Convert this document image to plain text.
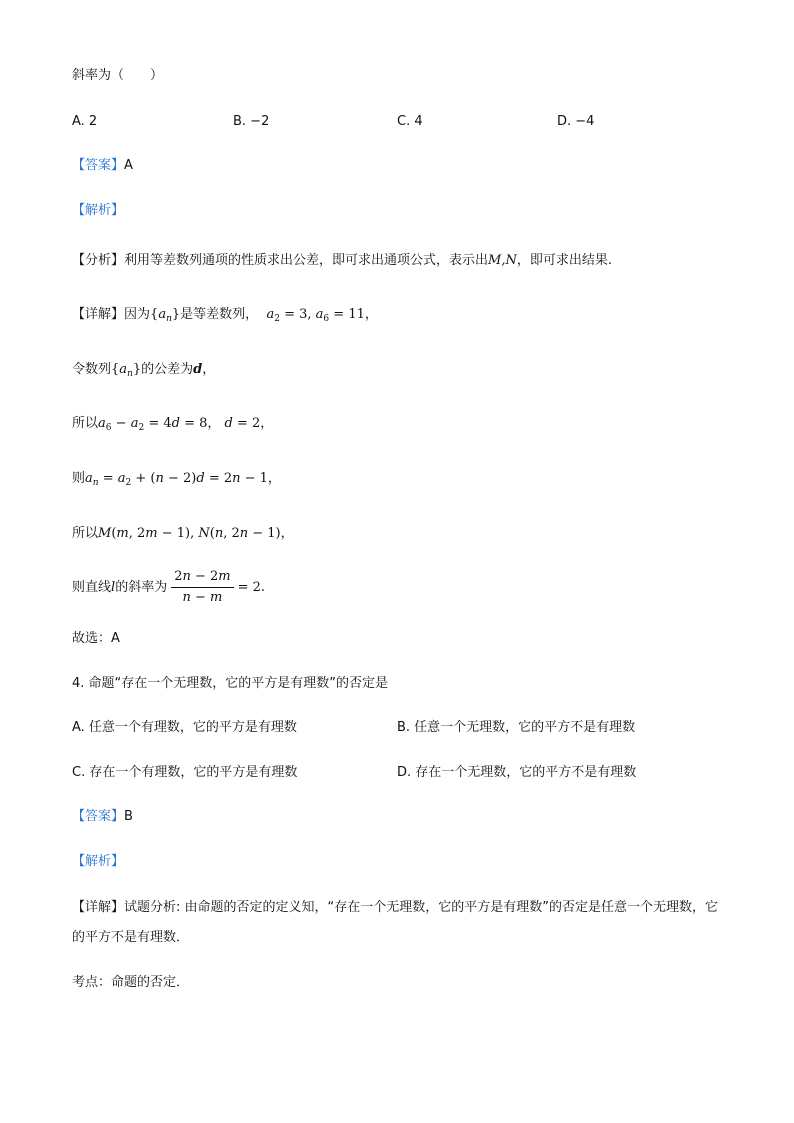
斜率为（　　）
A. 2	B. −2	C. 4	D. −4
【答案】A
【解析】
【分析】利用等差数列通项的性质求出公差，即可求出通项公式，表示出M,N，即可求出结果.
【详解】因为$\{a_n\}$是等差数列， $a_2 = 3$, $a_6 = 11$，
令数列$\{a_n\}$的公差为d，
所以$a_6 - a_2 = 4d = 8$， d = 2，
则$a_n = a_2 + (n - 2)d = 2n - 1$，
所以M(m, 2m − 1), N(n, 2n − 1)，
则直线l的斜率为 $\frac{2n - 2m}{n - m} = 2$.
故选：A
4. 命题“存在一个无理数，它的平方是有理数”的否定是
A. 任意一个有理数，它的平方是有理数	B. 任意一个无理数，它的平方不是有理数
C. 存在一个有理数，它的平方是有理数	D. 存在一个无理数，它的平方不是有理数
【答案】B
【解析】
【详解】试题分析: 由命题的否定的定义知，“存在一个无理数，它的平方是有理数”的否定是任意一个无理数，它的平方不是有理数．
考点：命题的否定．
